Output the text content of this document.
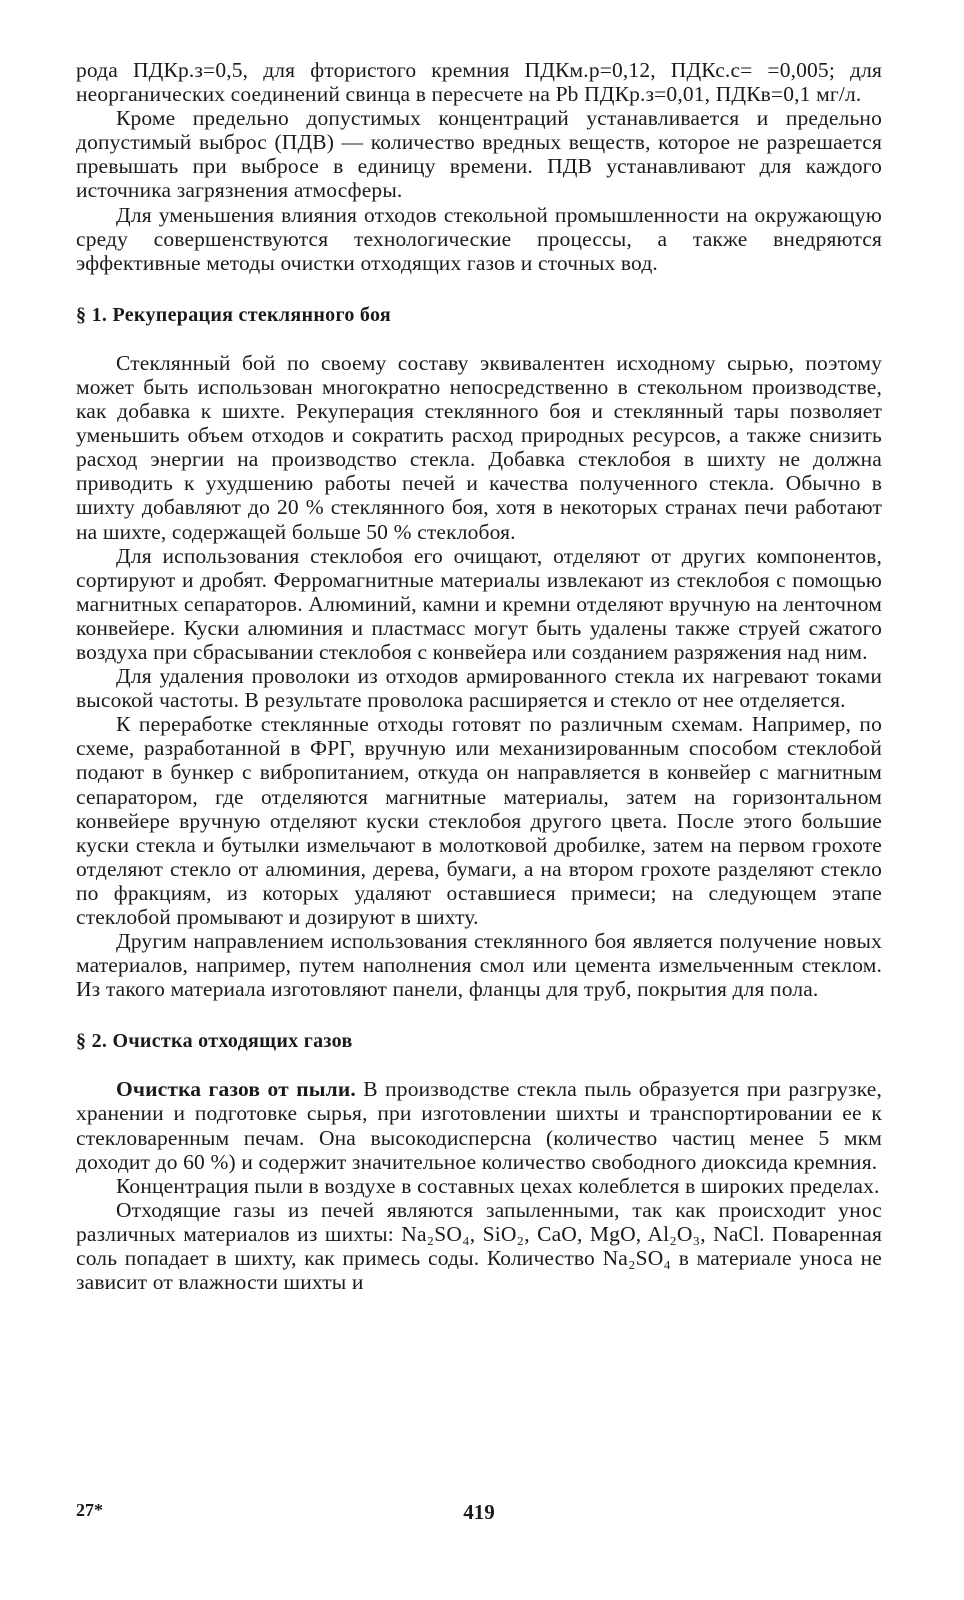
рода ПДКр.з=0,5, для фтористого кремния ПДКм.р=0,12, ПДКс.с= =0,005; для неорганических соединений свинца в пересчете на Pb ПДКр.з=0,01, ПДКв=0,1 мг/л.

Кроме предельно допустимых концентраций устанавливается и предельно допустимый выброс (ПДВ) — количество вредных веществ, которое не разрешается превышать при выбросе в единицу времени. ПДВ устанавливают для каждого источника загрязнения атмосферы.

Для уменьшения влияния отходов стекольной промышленности на окружающую среду совершенствуются технологические процессы, а также внедряются эффективные методы очистки отходящих газов и сточных вод.

§ 1. Рекуперация стеклянного боя

Стеклянный бой по своему составу эквивалентен исходному сырью, поэтому может быть использован многократно непосредственно в стекольном производстве, как добавка к шихте. Рекуперация стеклянного боя и стеклянный тары позволяет уменьшить объем отходов и сократить расход природных ресурсов, а также снизить расход энергии на производство стекла. Добавка стеклобоя в шихту не должна приводить к ухудшению работы печей и качества полученного стекла. Обычно в шихту добавляют до 20 % стеклянного боя, хотя в некоторых странах печи работают на шихте, содержащей больше 50 % стеклобоя.

Для использования стеклобоя его очищают, отделяют от других компонентов, сортируют и дробят. Ферромагнитные материалы извлекают из стеклобоя с помощью магнитных сепараторов. Алюминий, камни и кремни отделяют вручную на ленточном конвейере. Куски алюминия и пластмасс могут быть удалены также струей сжатого воздуха при сбрасывании стеклобоя с конвейера или созданием разряжения над ним.

Для удаления проволоки из отходов армированного стекла их нагревают токами высокой частоты. В результате проволока расширяется и стекло от нее отделяется.

К переработке стеклянные отходы готовят по различным схемам. Например, по схеме, разработанной в ФРГ, вручную или механизированным способом стеклобой подают в бункер с вибропитанием, откуда он направляется в конвейер с магнитным сепаратором, где отделяются магнитные материалы, затем на горизонтальном конвейере вручную отделяют куски стеклобоя другого цвета. После этого большие куски стекла и бутылки измельчают в молотковой дробилке, затем на первом грохоте отделяют стекло от алюминия, дерева, бумаги, а на втором грохоте разделяют стекло по фракциям, из которых удаляют оставшиеся примеси; на следующем этапе стеклобой промывают и дозируют в шихту.

Другим направлением использования стеклянного боя является получение новых материалов, например, путем наполнения смол или цемента измельченным стеклом. Из такого материала изготовляют панели, фланцы для труб, покрытия для пола.

§ 2. Очистка отходящих газов

Очистка газов от пыли. В производстве стекла пыль образуется при разгрузке, хранении и подготовке сырья, при изготовлении шихты и транспортировании ее к стекловаренным печам. Она высокодисперсна (количество частиц менее 5 мкм доходит до 60 %) и содержит значительное количество свободного диоксида кремния.

Концентрация пыли в воздухе в составных цехах колеблется в широких пределах.

Отходящие газы из печей являются запыленными, так как происходит унос различных материалов из шихты: Na₂SO₄, SiO₂, CaO, MgO, Al₂O₃, NaCl. Поваренная соль попадает в шихту, как примесь соды. Количество Na₂SO₄ в материале уноса не зависит от влажности шихты и

27*	419
